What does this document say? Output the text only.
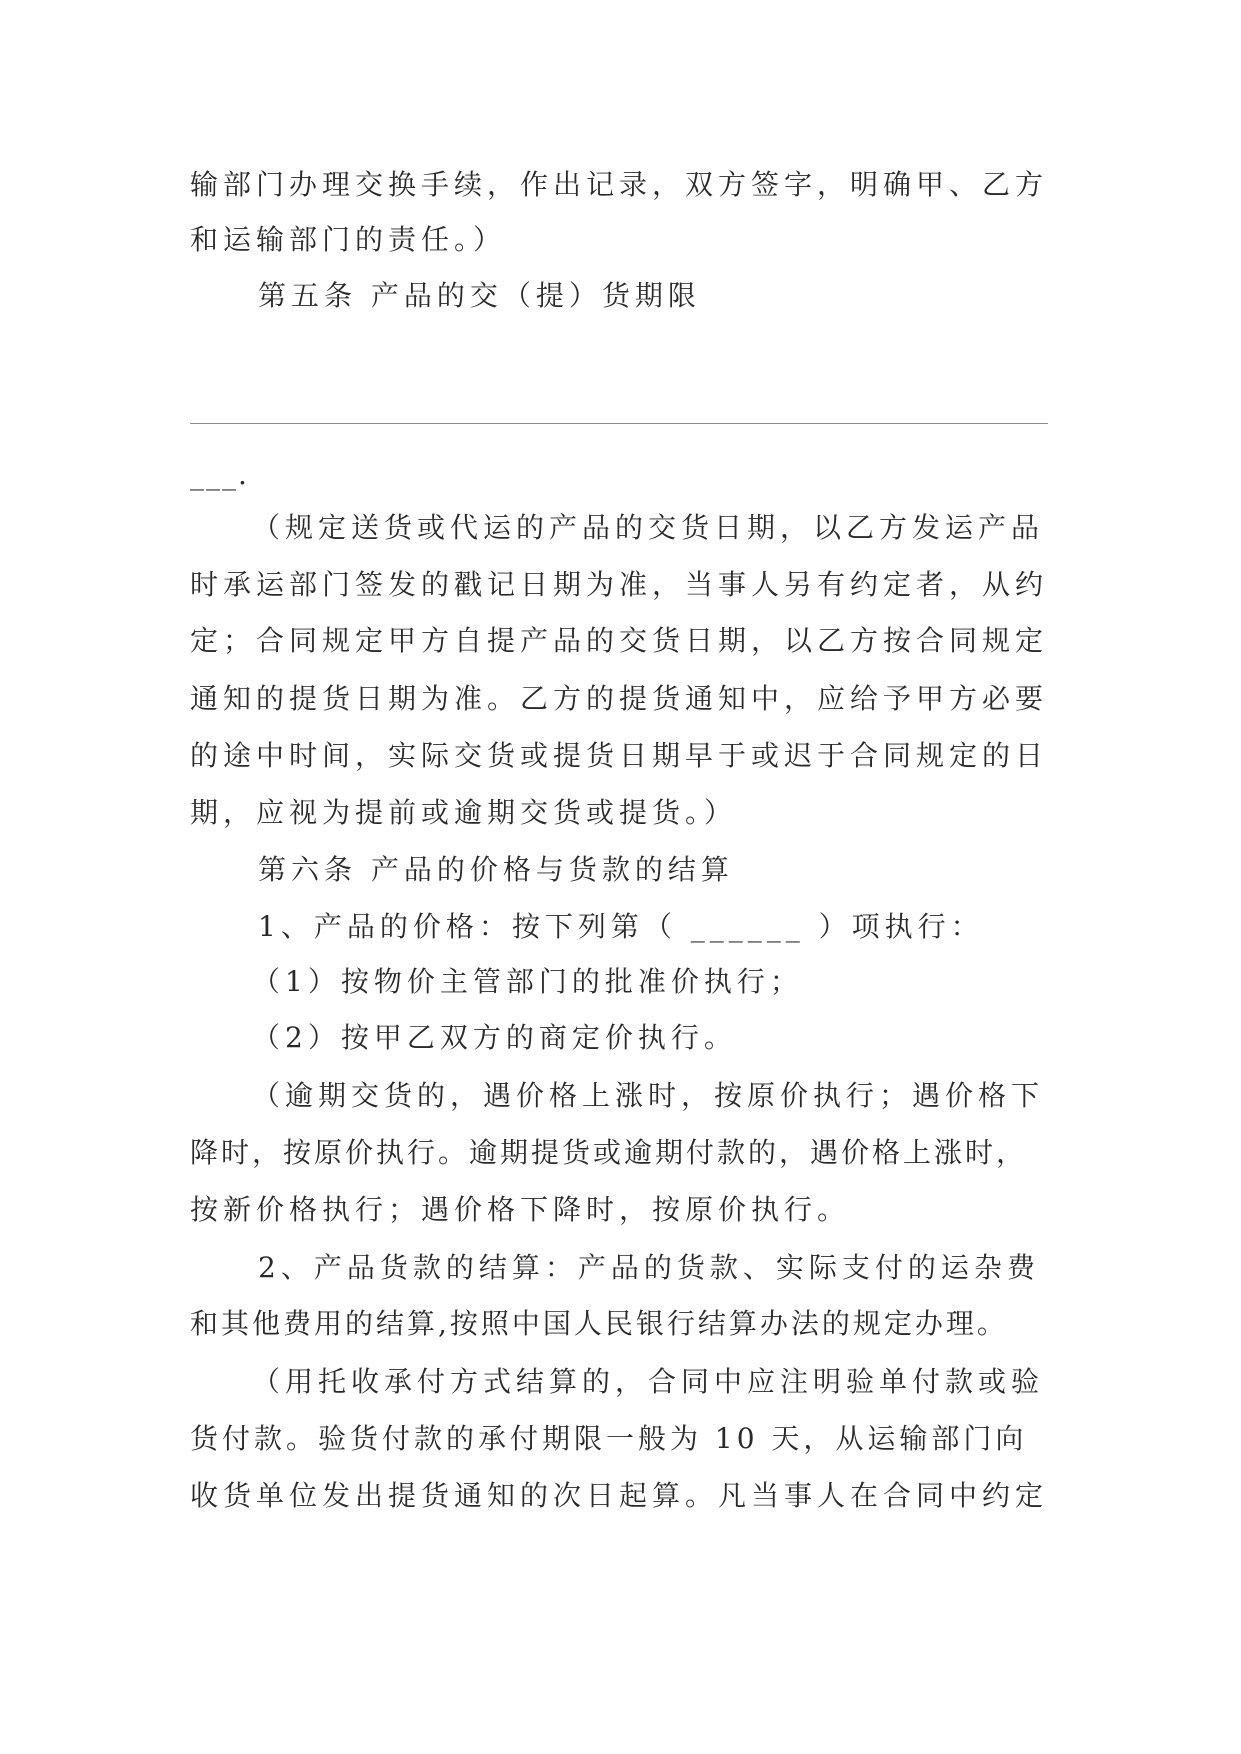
输部门办理交换手续，作出记录，双方签字，明确甲、乙方
和运输部门的责任。）
第五条 产品的交（提）货期限
___.
（规定送货或代运的产品的交货日期，以乙方发运产品
时承运部门签发的戳记日期为准，当事人另有约定者，从约
定；合同规定甲方自提产品的交货日期，以乙方按合同规定
通知的提货日期为准。乙方的提货通知中，应给予甲方必要
的途中时间，实际交货或提货日期早于或迟于合同规定的日
期，应视为提前或逾期交货或提货。）
第六条 产品的价格与货款的结算
1、产品的价格：按下列第（ ______ ）项执行：
（1）按物价主管部门的批准价执行；
（2）按甲乙双方的商定价执行。
（逾期交货的，遇价格上涨时，按原价执行；遇价格下
降时，按原价执行。逾期提货或逾期付款的，遇价格上涨时，
按新价格执行；遇价格下降时，按原价执行。
2、产品货款的结算：产品的货款、实际支付的运杂费
和其他费用的结算,按照中国人民银行结算办法的规定办理。
（用托收承付方式结算的，合同中应注明验单付款或验
货付款。验货付款的承付期限一般为 10 天，从运输部门向
收货单位发出提货通知的次日起算。凡当事人在合同中约定
